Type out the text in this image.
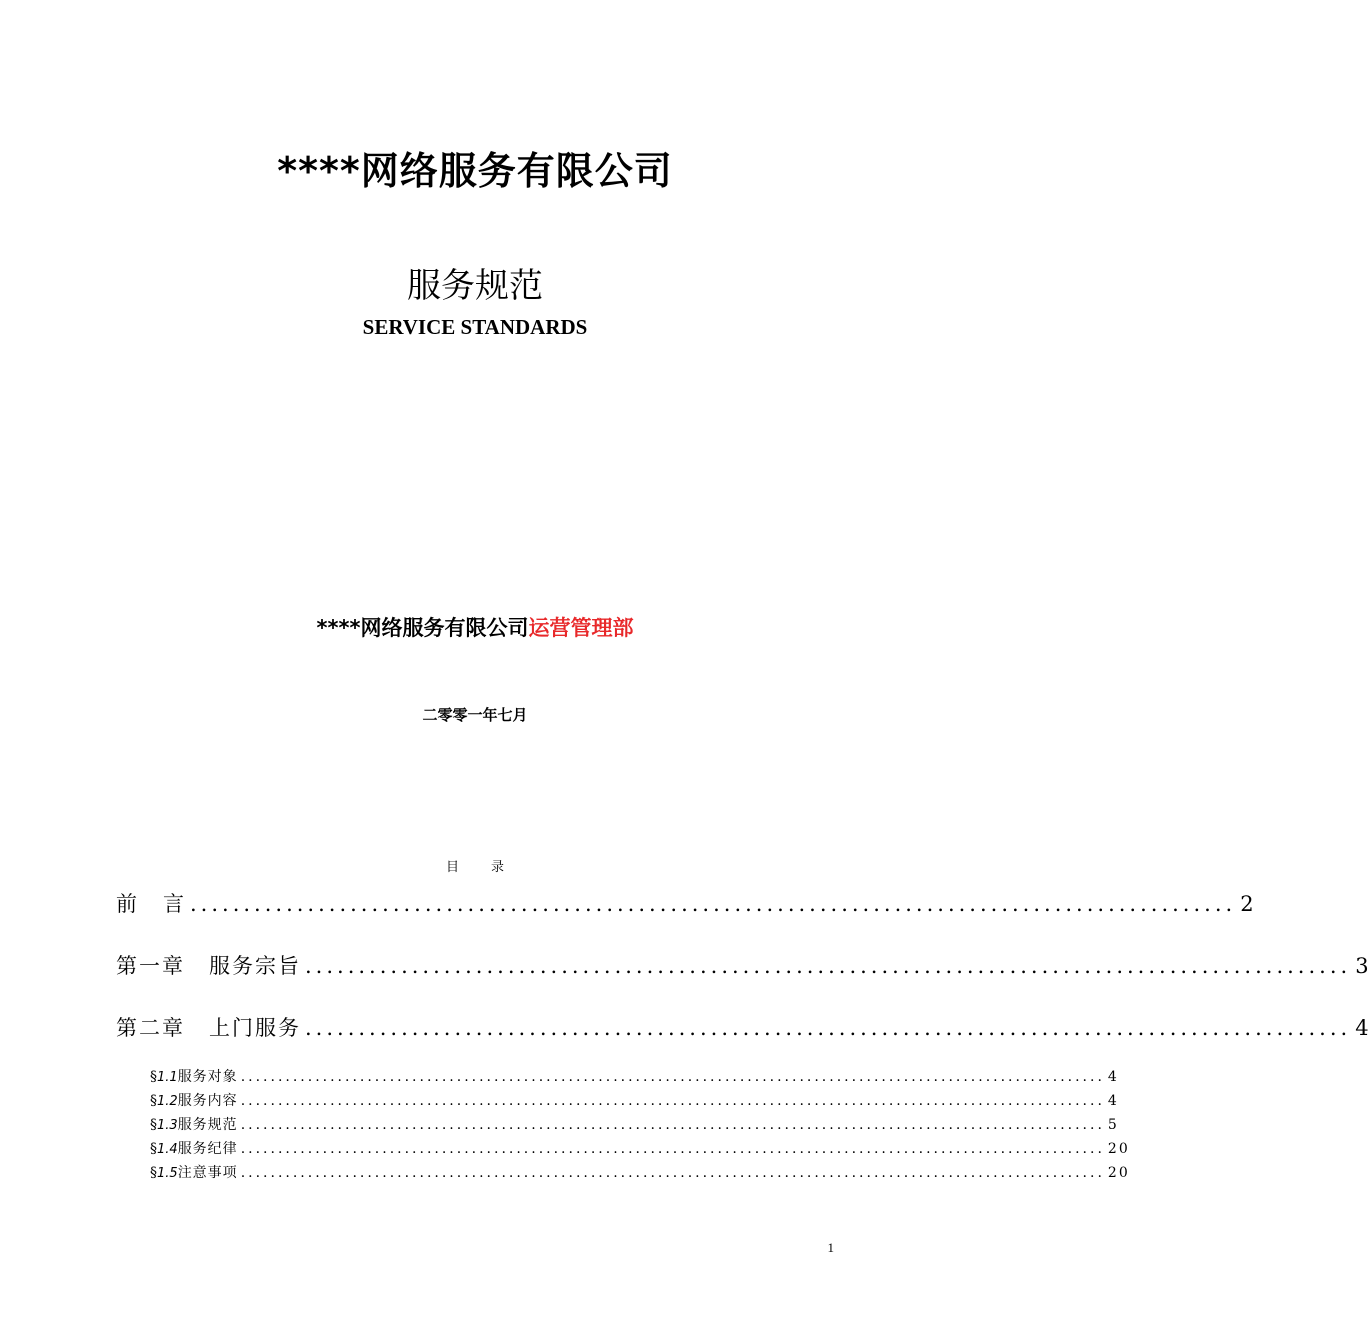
****网络服务有限公司
服务规范
SERVICE STANDARDS
****网络服务有限公司运营管理部
二零零一年七月
目 录
前 言 .................................................................................................. 2
第一章 服务宗旨 .................................................................................................. 3
第二章 上门服务 .................................................................................................. 4
§ 1.1 服务对象 .................................................................................................................... 4
§ 1.2 服务内容 .................................................................................................................... 4
§ 1.3 服务规范 .................................................................................................................... 5
§ 1.4 服务纪律 .................................................................................................................... 20
§ 1.5 注意事项 .................................................................................................................... 20
1
